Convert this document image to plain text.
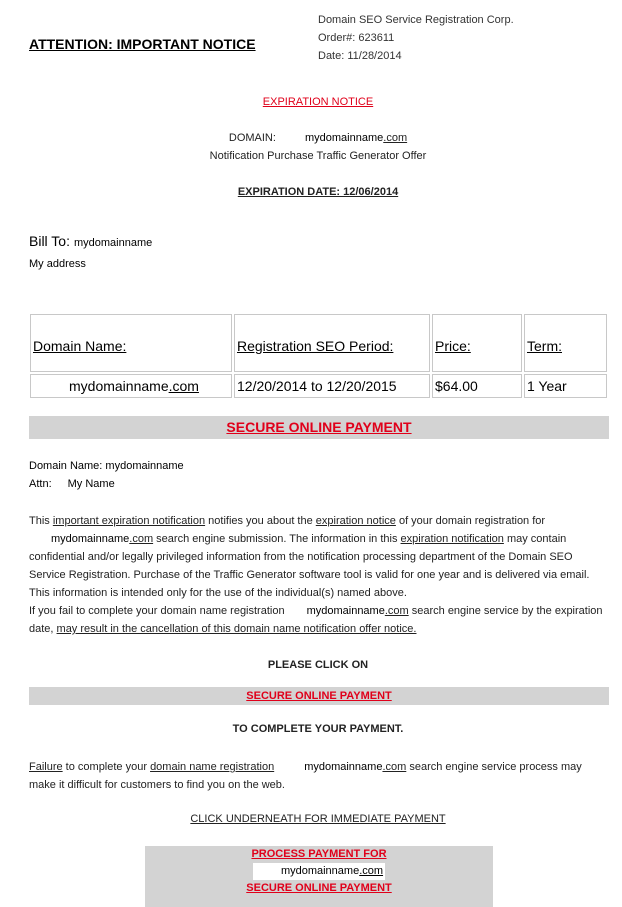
ATTENTION: IMPORTANT NOTICE
Domain SEO Service Registration Corp.
Order#: 623611
Date: 11/28/2014
EXPIRATION NOTICE
DOMAIN:	mydomainname.com
Notification Purchase Traffic Generator Offer
EXPIRATION DATE: 12/06/2014
Bill To: mydomainname
My address
Domain Name:	Registration SEO Period:	Price:	Term:
mydomainname.com	12/20/2014 to 12/20/2015	$64.00	1 Year
SECURE ONLINE PAYMENT
Domain Name: mydomainname
Attn: My Name
This important expiration notification notifies you about the expiration notice of your domain registration for
mydomainname.com search engine submission. The information in this expiration notification may contain confidential and/or legally privileged information from the notification processing department of the Domain SEO Service Registration. Purchase of the Traffic Generator software tool is valid for one year and is delivered via email. This information is intended only for the use of the individual(s) named above.
If you fail to complete your domain name registration mydomainname.com search engine service by the expiration date, may result in the cancellation of this domain name notification offer notice.
PLEASE CLICK ON
SECURE ONLINE PAYMENT
TO COMPLETE YOUR PAYMENT.
Failure to complete your domain name registration	mydomainname.com search engine service process may make it difficult for customers to find you on the web.
CLICK UNDERNEATH FOR IMMEDIATE PAYMENT
PROCESS PAYMENT FOR
mydomainname.com
SECURE ONLINE PAYMENT
